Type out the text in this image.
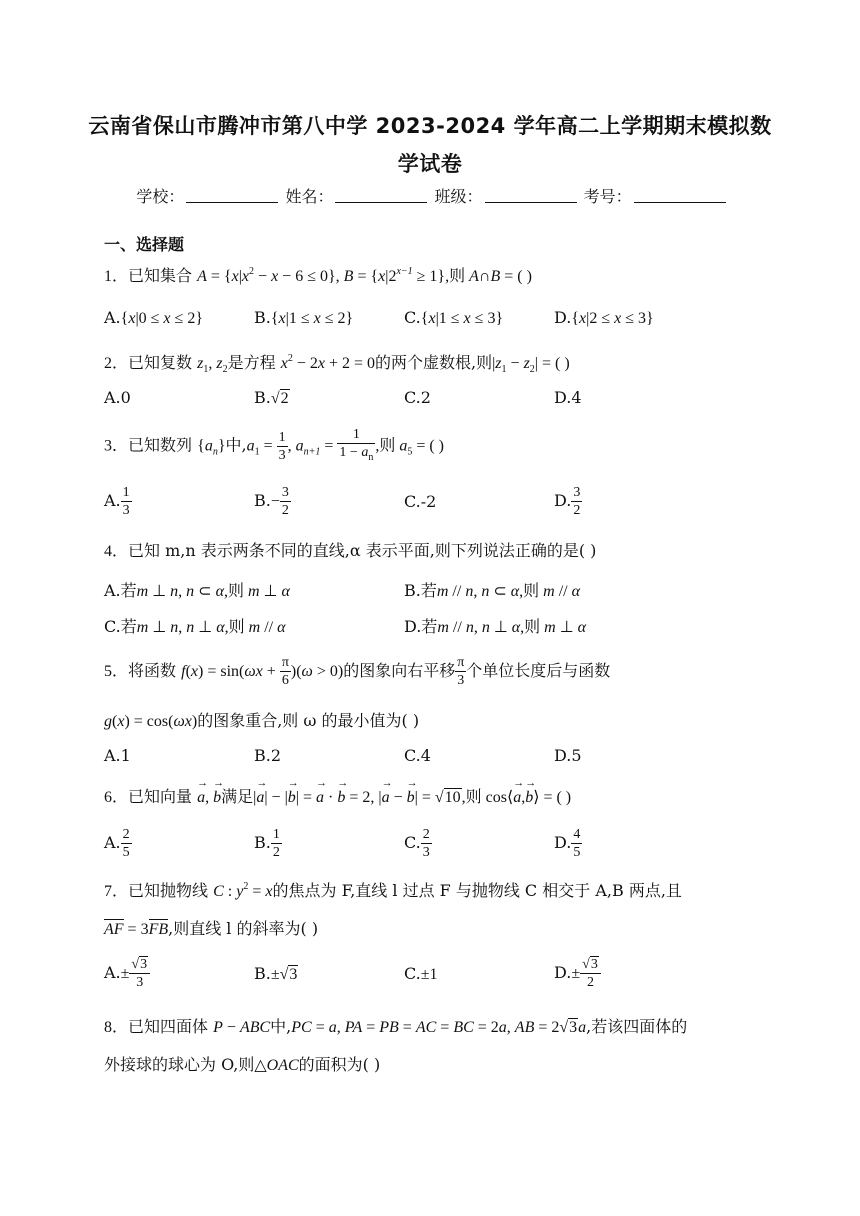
云南省保山市腾冲市第八中学 2023-2024 学年高二上学期期末模拟数
学试卷
学校：	姓名：	班级：	考号：
一、选择题
1．已知集合 $A = \{x|x^2 - x - 6 \le 0\}$, $B = \{x|2^{x-1} \ge 1\}$,则 A∩B = ( )
A.{x|0 ≤ x ≤ 2}	B.{x|1 ≤ x ≤ 2}	C.{x|1 ≤ x ≤ 3}	D.{x|2 ≤ x ≤ 3}
2．已知复数 $z_1$, $z_2$是方程 $x^2 - 2x + 2 = 0$的两个虚数根,则$|z_1 - z_2|$ = ( )
A.0	B.√2	C.2	D.4
3．已知数列 $\{a_n\}$中$,a_1 = \frac{1}{3}$ , $a_{n+1} = \frac{1}{1 - a_n}$ ,则 $a_5$ = ( )
A. $\frac{1}{3}$	$B.- \frac{3}{2}$	C.-2	D. $\frac{3}{2}$
4．已知 m,n 表示两条不同的直线,α 表示平面,则下列说法正确的是( )
A.若m ⊥ n, n ⊂ α,则 m ⊥ α	B.若m // n, n ⊂ α,则 m // α
C.若m ⊥ n, n ⊥ α,则 m // α	D.若m // n, n ⊥ α,则 m ⊥ α
5．将函数 $f(x) = \sin(\omega x + \frac{\pi}{6} )(\omega > 0)$的图象向右平移 $\frac{\pi}{3}$ 个单位长度后与函数
g(x) = cos(ωx)的图象重合,则 ω 的最小值为( )
A.1	B.2	C.4	D.5
6．已知向量 → a, → b满足|→ a| − |→ b| = → a · → b = 2, |→ a − → b| = √10,则 cos⟨→ a,→ b⟩ = ( )
A. $\frac{2}{5}$	B. $\frac{1}{2}$	C. $\frac{2}{3}$	D. $\frac{4}{5}$
7．已知抛物线 C : $y^2 = x$的焦点为 F,直线 l 过点 F 与抛物线 C 相交于 A,B 两点,且
AF = 3FB,则直线 l 的斜率为( )
$A.\pm \frac{√3}{3}$	B.±√3	C.±1	$D.\pm \frac{√3}{2}$
8．已知四面体 P − ABC中,PC = a, PA = PB = AC = BC = 2a, AB = 2√3a,若该四面体的
外接球的球心为 O,则△OAC的面积为( )
